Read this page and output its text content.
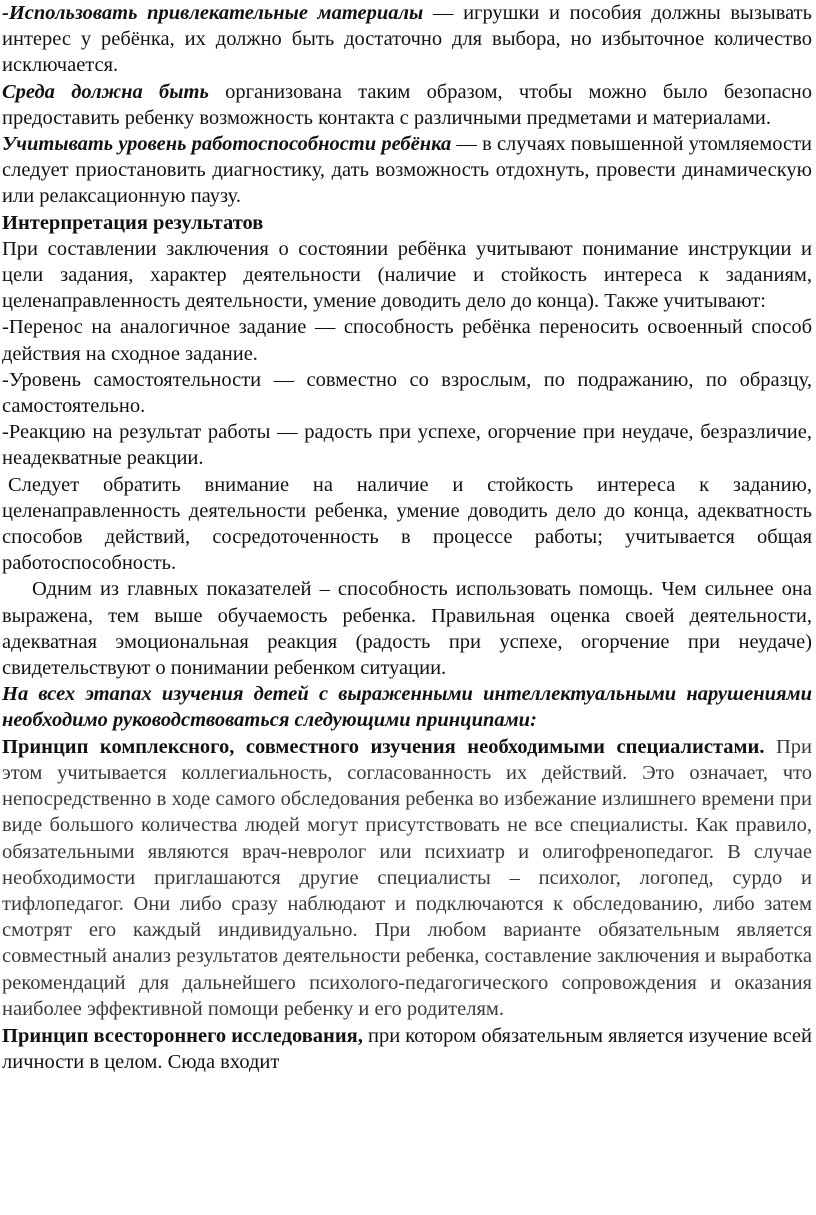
-Использовать привлекательные материалы — игрушки и пособия должны вызывать интерес у ребёнка, их должно быть достаточно для выбора, но избыточное количество исключается.

Среда должна быть организована таким образом, чтобы можно было безопасно предоставить ребенку возможность контакта с различными предметами и материалами.

Учитывать уровень работоспособности ребёнка — в случаях повышенной утомляемости следует приостановить диагностику, дать возможность отдохнуть, провести динамическую или релаксационную паузу.

Интерпретация результатов

При составлении заключения о состоянии ребёнка учитывают понимание инструкции и цели задания, характер деятельности (наличие и стойкость интереса к заданиям, целенаправленность деятельности, умение доводить дело до конца). Также учитывают:

-Перенос на аналогичное задание — способность ребёнка переносить освоенный способ действия на сходное задание.

-Уровень самостоятельности — совместно со взрослым, по подражанию, по образцу, самостоятельно.

-Реакцию на результат работы — радость при успехе, огорчение при неудаче, безразличие, неадекватные реакции.

Следует обратить внимание на наличие и стойкость интереса к заданию, целенаправленность деятельности ребенка, умение доводить дело до конца, адекватность способов действий, сосредоточенность в процессе работы; учитывается общая работоспособность.

Одним из главных показателей – способность использовать помощь. Чем сильнее она выражена, тем выше обучаемость ребенка. Правильная оценка своей деятельности, адекватная эмоциональная реакция (радость при успехе, огорчение при неудаче) свидетельствуют о понимании ребенком ситуации.

На всех этапах изучения детей с выраженными интеллектуальными нарушениями необходимо руководствоваться следующими принципами:

Принцип комплексного, совместного изучения необходимыми специалистами. При этом учитывается коллегиальность, согласованность их действий. Это означает, что непосредственно в ходе самого обследования ребенка во избежание излишнего времени при виде большого количества людей могут присутствовать не все специалисты. Как правило, обязательными являются врач-невролог или психиатр и олигофренопедагог. В случае необходимости приглашаются другие специалисты – психолог, логопед, сурдо и тифлопедагог. Они либо сразу наблюдают и подключаются к обследованию, либо затем смотрят его каждый индивидуально. При любом варианте обязательным является совместный анализ результатов деятельности ребенка, составление заключения и выработка рекомендаций для дальнейшего психолого-педагогического сопровождения и оказания наиболее эффективной помощи ребенку и его родителям.

Принцип всестороннего исследования, при котором обязательным является изучение всей личности в целом. Сюда входит
